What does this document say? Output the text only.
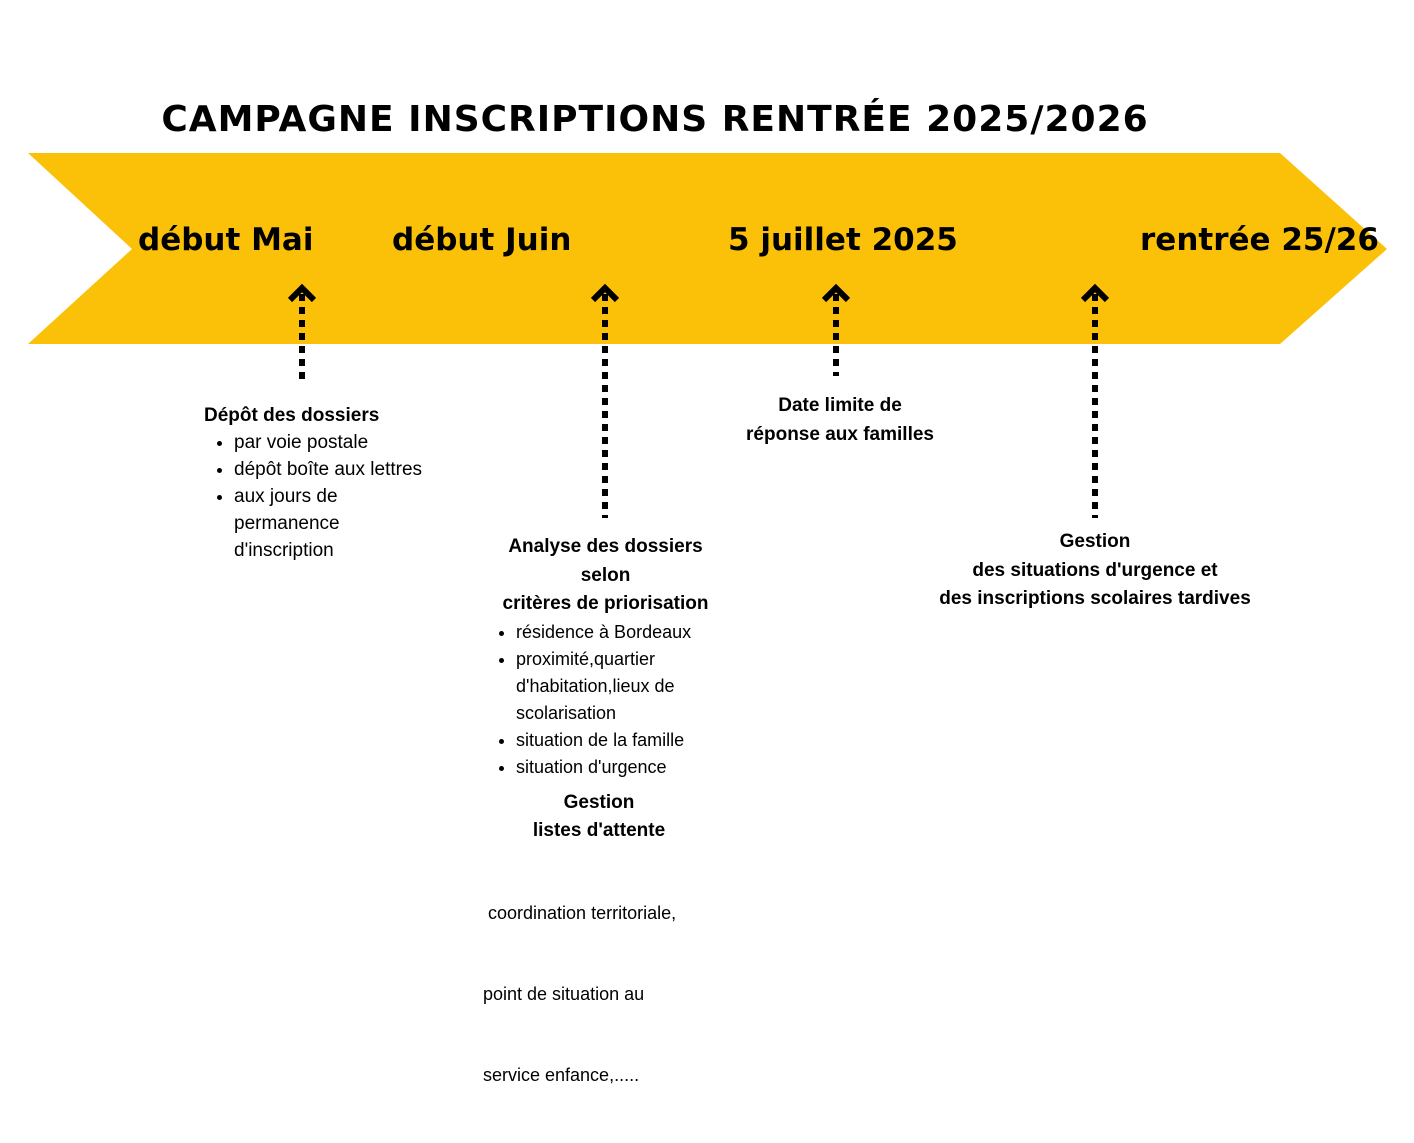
CAMPAGNE INSCRIPTIONS RENTRÉE 2025/2026
début Mai	début Juin	5 juillet 2025	rentrée 25/26
Dépôt des dossiers
• par voie postale
• dépôt boîte aux lettres
• aux jours de permanence d'inscription	Analyse des dossiers
selon
critères de priorisation
• résidence à Bordeaux
• proximité,quartier d'habitation,lieux de scolarisation
• situation de la famille
• situation d'urgence
Gestion
listes d'attente

coordination territoriale,

point de situation au

service enfance,.....

Date limite de
réponse aux familles
Gestion
des situations d'urgence et
des inscriptions scolaires tardives
